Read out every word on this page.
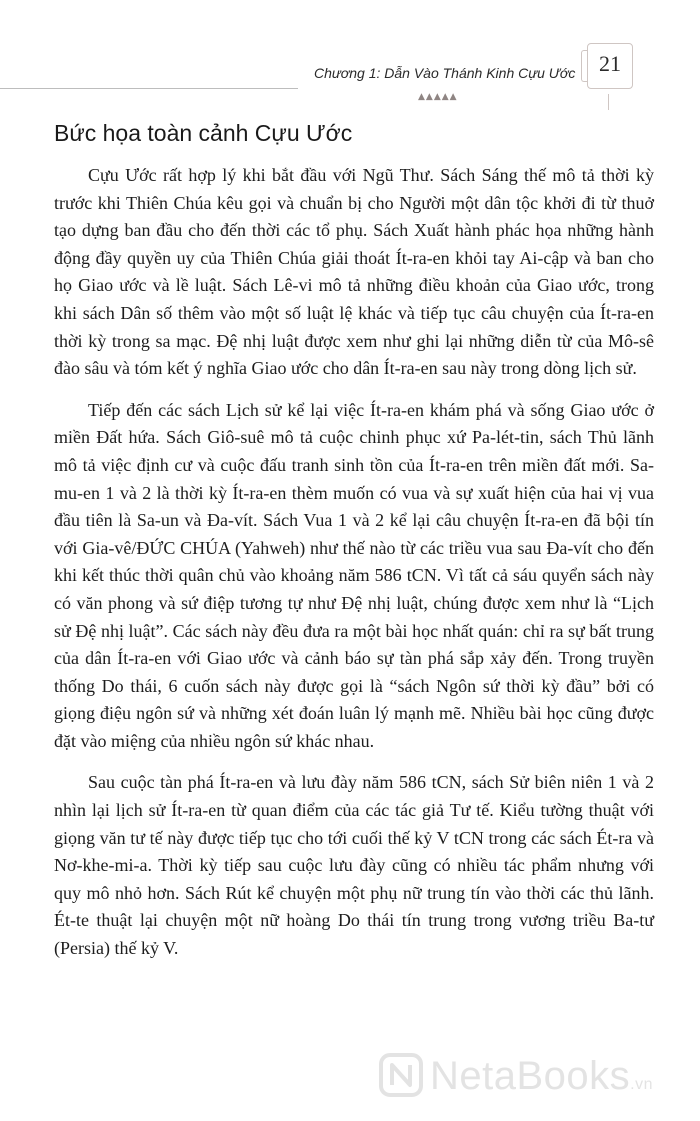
Chương 1: Dẫn Vào Thánh Kinh Cựu Ước
▲▲▲▲▲
21
Bức họa toàn cảnh Cựu Ước

Cựu Ước rất hợp lý khi bắt đầu với Ngũ Thư. Sách Sáng thế mô tả thời kỳ trước khi Thiên Chúa kêu gọi và chuẩn bị cho Người một dân tộc khởi đi từ thuở tạo dựng ban đầu cho đến thời các tổ phụ. Sách Xuất hành phác họa những hành động đầy quyền uy của Thiên Chúa giải thoát Ít-ra-en khỏi tay Ai-cập và ban cho họ Giao ước và lề luật. Sách Lê-vi mô tả những điều khoản của Giao ước, trong khi sách Dân số thêm vào một số luật lệ khác và tiếp tục câu chuyện của Ít-ra-en thời kỳ trong sa mạc. Đệ nhị luật được xem như ghi lại những diễn từ của Mô-sê đào sâu và tóm kết ý nghĩa Giao ước cho dân Ít-ra-en sau này trong dòng lịch sử.

Tiếp đến các sách Lịch sử kể lại việc Ít-ra-en khám phá và sống Giao ước ở miền Đất hứa. Sách Giô-suê mô tả cuộc chinh phục xứ Pa-lét-tin, sách Thủ lãnh mô tả việc định cư và cuộc đấu tranh sinh tồn của Ít-ra-en trên miền đất mới. Sa-mu-en 1 và 2 là thời kỳ Ít-ra-en thèm muốn có vua và sự xuất hiện của hai vị vua đầu tiên là Sa-un và Đa-vít. Sách Vua 1 và 2 kể lại câu chuyện Ít-ra-en đã bội tín với Gia-vê/ĐỨC CHÚA (Yahweh) như thế nào từ các triều vua sau Đa-vít cho đến khi kết thúc thời quân chủ vào khoảng năm 586 tCN. Vì tất cả sáu quyển sách này có văn phong và sứ điệp tương tự như Đệ nhị luật, chúng được xem như là “Lịch sử Đệ nhị luật”. Các sách này đều đưa ra một bài học nhất quán: chỉ ra sự bất trung của dân Ít-ra-en với Giao ước và cảnh báo sự tàn phá sắp xảy đến. Trong truyền thống Do thái, 6 cuốn sách này được gọi là “sách Ngôn sứ thời kỳ đầu” bởi có giọng điệu ngôn sứ và những xét đoán luân lý mạnh mẽ. Nhiều bài học cũng được đặt vào miệng của nhiều ngôn sứ khác nhau.

Sau cuộc tàn phá Ít-ra-en và lưu đày năm 586 tCN, sách Sử biên niên 1 và 2 nhìn lại lịch sử Ít-ra-en từ quan điểm của các tác giả Tư tế. Kiểu tường thuật với giọng văn tư tế này được tiếp tục cho tới cuối thế kỷ V tCN trong các sách Ét-ra và Nơ-khe-mi-a. Thời kỳ tiếp sau cuộc lưu đày cũng có nhiều tác phẩm nhưng với quy mô nhỏ hơn. Sách Rút kể chuyện một phụ nữ trung tín vào thời các thủ lãnh. Ét-te thuật lại chuyện một nữ hoàng Do thái tín trung trong vương triều Ba-tư (Persia) thế kỷ V.

NetaBooks.vn
